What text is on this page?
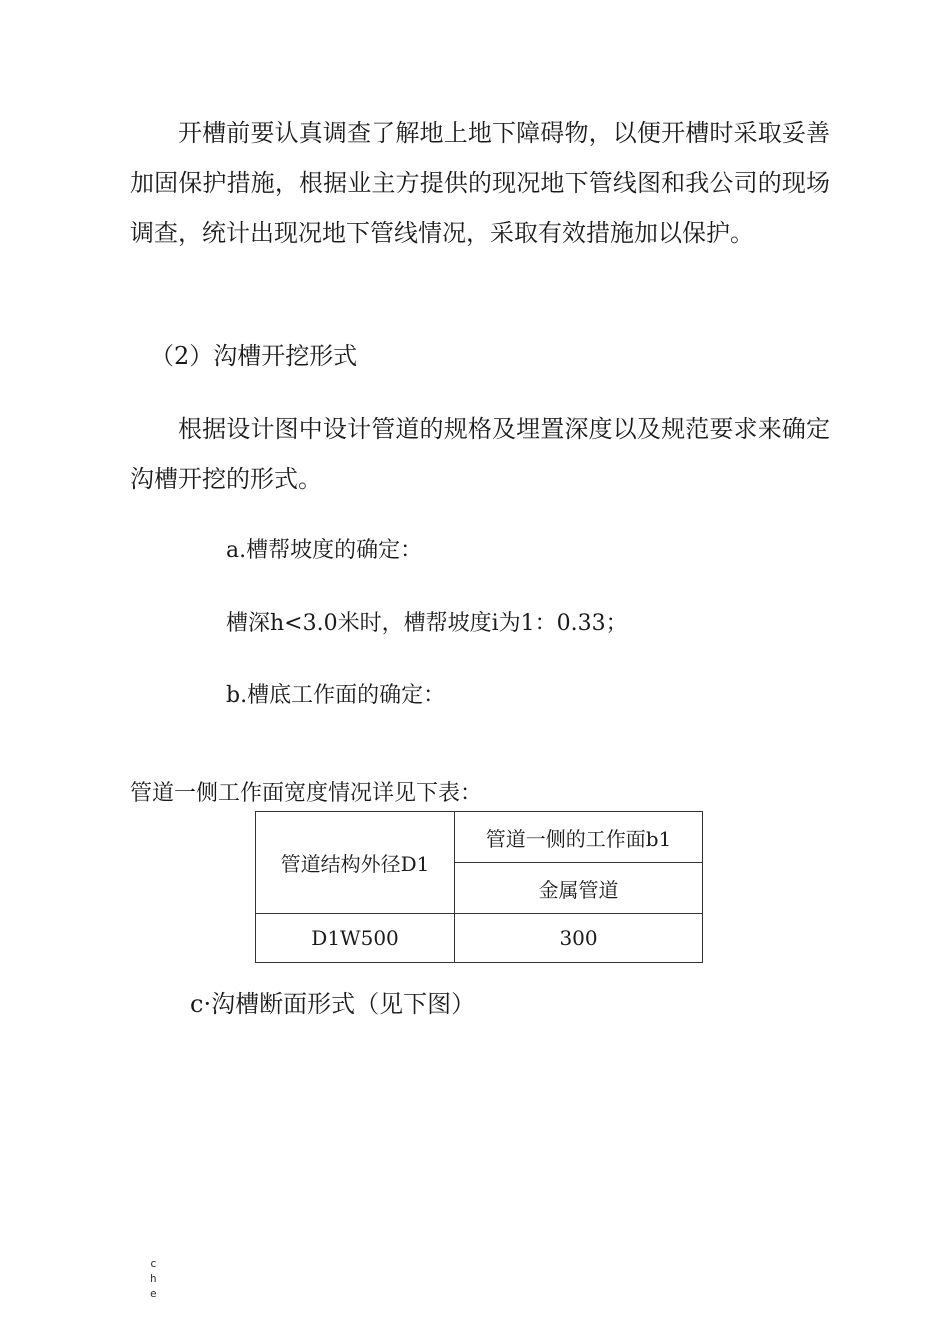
开槽前要认真调查了解地上地下障碍物，以便开槽时采取妥善加固保护措施，根据业主方提供的现况地下管线图和我公司的现场调查，统计出现况地下管线情况，采取有效措施加以保护。

（2）沟槽开挖形式

根据设计图中设计管道的规格及埋置深度以及规范要求来确定沟槽开挖的形式。

a.槽帮坡度的确定：

槽深h<3.0米时，槽帮坡度i为1：0.33；

b.槽底工作面的确定：

管道一侧工作面宽度情况详见下表：

管道结构外径D1	管道一侧的工作面b1
	金属管道
D1W500	300

c·沟槽断面形式（见下图）

che
